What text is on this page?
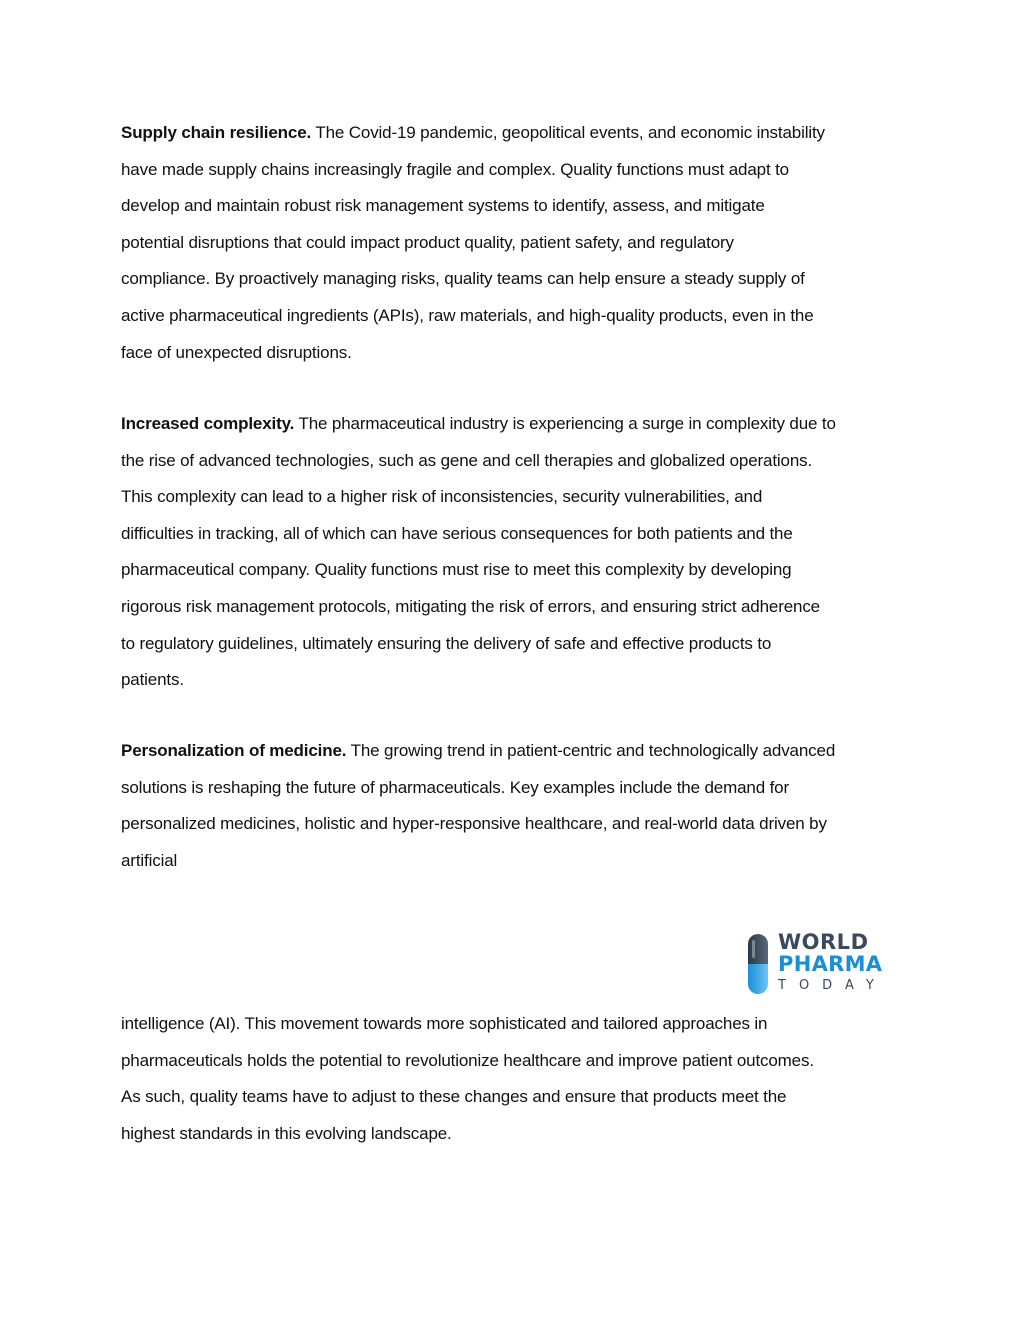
Supply chain resilience. The Covid-19 pandemic, geopolitical events, and economic instability
have made supply chains increasingly fragile and complex. Quality functions must adapt to
develop and maintain robust risk management systems to identify, assess, and mitigate
potential disruptions that could impact product quality, patient safety, and regulatory
compliance. By proactively managing risks, quality teams can help ensure a steady supply of
active pharmaceutical ingredients (APIs), raw materials, and high-quality products, even in the
face of unexpected disruptions.

Increased complexity. The pharmaceutical industry is experiencing a surge in complexity due to
the rise of advanced technologies, such as gene and cell therapies and globalized operations.
This complexity can lead to a higher risk of inconsistencies, security vulnerabilities, and
difficulties in tracking, all of which can have serious consequences for both patients and the
pharmaceutical company. Quality functions must rise to meet this complexity by developing
rigorous risk management protocols, mitigating the risk of errors, and ensuring strict adherence
to regulatory guidelines, ultimately ensuring the delivery of safe and effective products to
patients.

Personalization of medicine. The growing trend in patient-centric and technologically advanced
solutions is reshaping the future of pharmaceuticals. Key examples include the demand for
personalized medicines, holistic and hyper-responsive healthcare, and real-world data driven by
artificial

WORLD
PHARMA
TODAY

intelligence (AI). This movement towards more sophisticated and tailored approaches in
pharmaceuticals holds the potential to revolutionize healthcare and improve patient outcomes.
As such, quality teams have to adjust to these changes and ensure that products meet the
highest standards in this evolving landscape.
